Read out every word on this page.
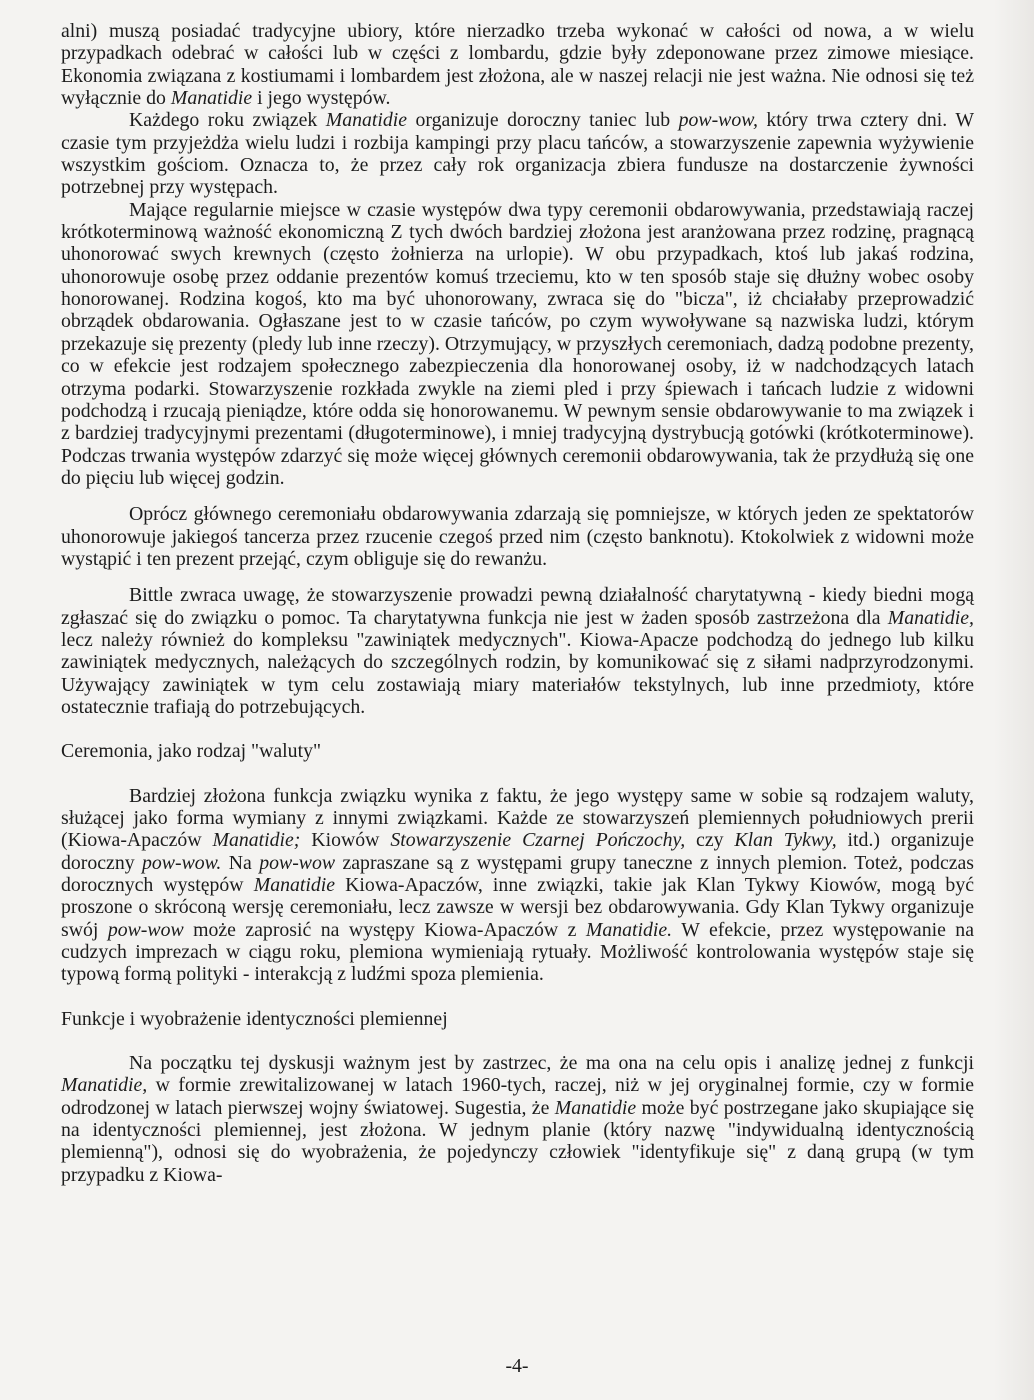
alni) muszą posiadać tradycyjne ubiory, które nierzadko trzeba wykonać w całości od nowa, a w wielu przypadkach odebrać w całości lub w części z lombardu, gdzie były zdeponowane przez zimowe miesiące. Ekonomia związana z kostiumami i lombardem jest złożona, ale w naszej relacji nie jest ważna. Nie odnosi się też wyłącznie do Manatidie i jego występów.

Każdego roku związek Manatidie organizuje doroczny taniec lub pow-wow, który trwa cztery dni. W czasie tym przyjeżdża wielu ludzi i rozbija kampingi przy placu tańców, a stowarzyszenie zapewnia wyżywienie wszystkim gościom. Oznacza to, że przez cały rok organizacja zbiera fundusze na dostarczenie żywności potrzebnej przy występach.

Mające regularnie miejsce w czasie występów dwa typy ceremonii obdarowywania, przedstawiają raczej krótkoterminową ważność ekonomiczną Z tych dwóch bardziej złożona jest aranżowana przez rodzinę, pragnącą uhonorować swych krewnych (często żołnierza na urlopie). W obu przypadkach, ktoś lub jakaś rodzina, uhonorowuje osobę przez oddanie prezentów komuś trzeciemu, kto w ten sposób staje się dłużny wobec osoby honorowanej. Rodzina kogoś, kto ma być uhonorowany, zwraca się do "bicza", iż chciałaby przeprowadzić obrządek obdarowania. Ogłaszane jest to w czasie tańców, po czym wywoływane są nazwiska ludzi, którym przekazuje się prezenty (pledy lub inne rzeczy). Otrzymujący, w przyszłych ceremoniach, dadzą podobne prezenty, co w efekcie jest rodzajem społecznego zabezpieczenia dla honorowanej osoby, iż w nadchodzących latach otrzyma podarki. Stowarzyszenie rozkłada zwykle na ziemi pled i przy śpiewach i tańcach ludzie z widowni podchodzą i rzucają pieniądze, które odda się honorowanemu. W pewnym sensie obdarowywanie to ma związek i z bardziej tradycyjnymi prezentami (długoterminowe), i mniej tradycyjną dystrybucją gotówki (krótkoterminowe). Podczas trwania występów zdarzyć się może więcej głównych ceremonii obdarowywania, tak że przydłużą się one do pięciu lub więcej godzin.

Oprócz głównego ceremoniału obdarowywania zdarzają się pomniejsze, w których jeden ze spektatorów uhonorowuje jakiegoś tancerza przez rzucenie czegoś przed nim (często banknotu). Ktokolwiek z widowni może wystąpić i ten prezent przejąć, czym obliguje się do rewanżu.

Bittle zwraca uwagę, że stowarzyszenie prowadzi pewną działalność charytatywną - kiedy biedni mogą zgłaszać się do związku o pomoc. Ta charytatywna funkcja nie jest w żaden sposób zastrzeżona dla Manatidie, lecz należy również do kompleksu "zawiniątek medycznych". Kiowa-Apacze podchodzą do jednego lub kilku zawiniątek medycznych, należących do szczególnych rodzin, by komunikować się z siłami nadprzyrodzonymi. Używający zawiniątek w tym celu zostawiają miary materiałów tekstylnych, lub inne przedmioty, które ostatecznie trafiają do potrzebujących.

Ceremonia, jako rodzaj "waluty"

Bardziej złożona funkcja związku wynika z faktu, że jego występy same w sobie są rodzajem waluty, służącej jako forma wymiany z innymi związkami. Każde ze stowarzyszeń plemiennych południowych prerii (Kiowa-Apaczów Manatidie; Kiowów Stowarzyszenie Czarnej Pończochy, czy Klan Tykwy, itd.) organizuje doroczny pow-wow. Na pow-wow zapraszane są z występami grupy taneczne z innych plemion. Toteż, podczas dorocznych występów Manatidie Kiowa-Apaczów, inne związki, takie jak Klan Tykwy Kiowów, mogą być proszone o skróconą wersję ceremoniału, lecz zawsze w wersji bez obdarowywania. Gdy Klan Tykwy organizuje swój pow-wow może zaprosić na występy Kiowa-Apaczów z Manatidie. W efekcie, przez występowanie na cudzych imprezach w ciągu roku, plemiona wymieniają rytuały. Możliwość kontrolowania występów staje się typową formą polityki - interakcją z ludźmi spoza plemienia.

Funkcje i wyobrażenie identyczności plemiennej

Na początku tej dyskusji ważnym jest by zastrzec, że ma ona na celu opis i analizę jednej z funkcji Manatidie, w formie zrewitalizowanej w latach 1960-tych, raczej, niż w jej oryginalnej formie, czy w formie odrodzonej w latach pierwszej wojny światowej. Sugestia, że Manatidie może być postrzegane jako skupiające się na identyczności plemiennej, jest złożona. W jednym planie (który nazwę "indywidualną identycznością plemienną"), odnosi się do wyobrażenia, że pojedynczy człowiek "identyfikuje się" z daną grupą (w tym przypadku z Kiowa-

-4-
